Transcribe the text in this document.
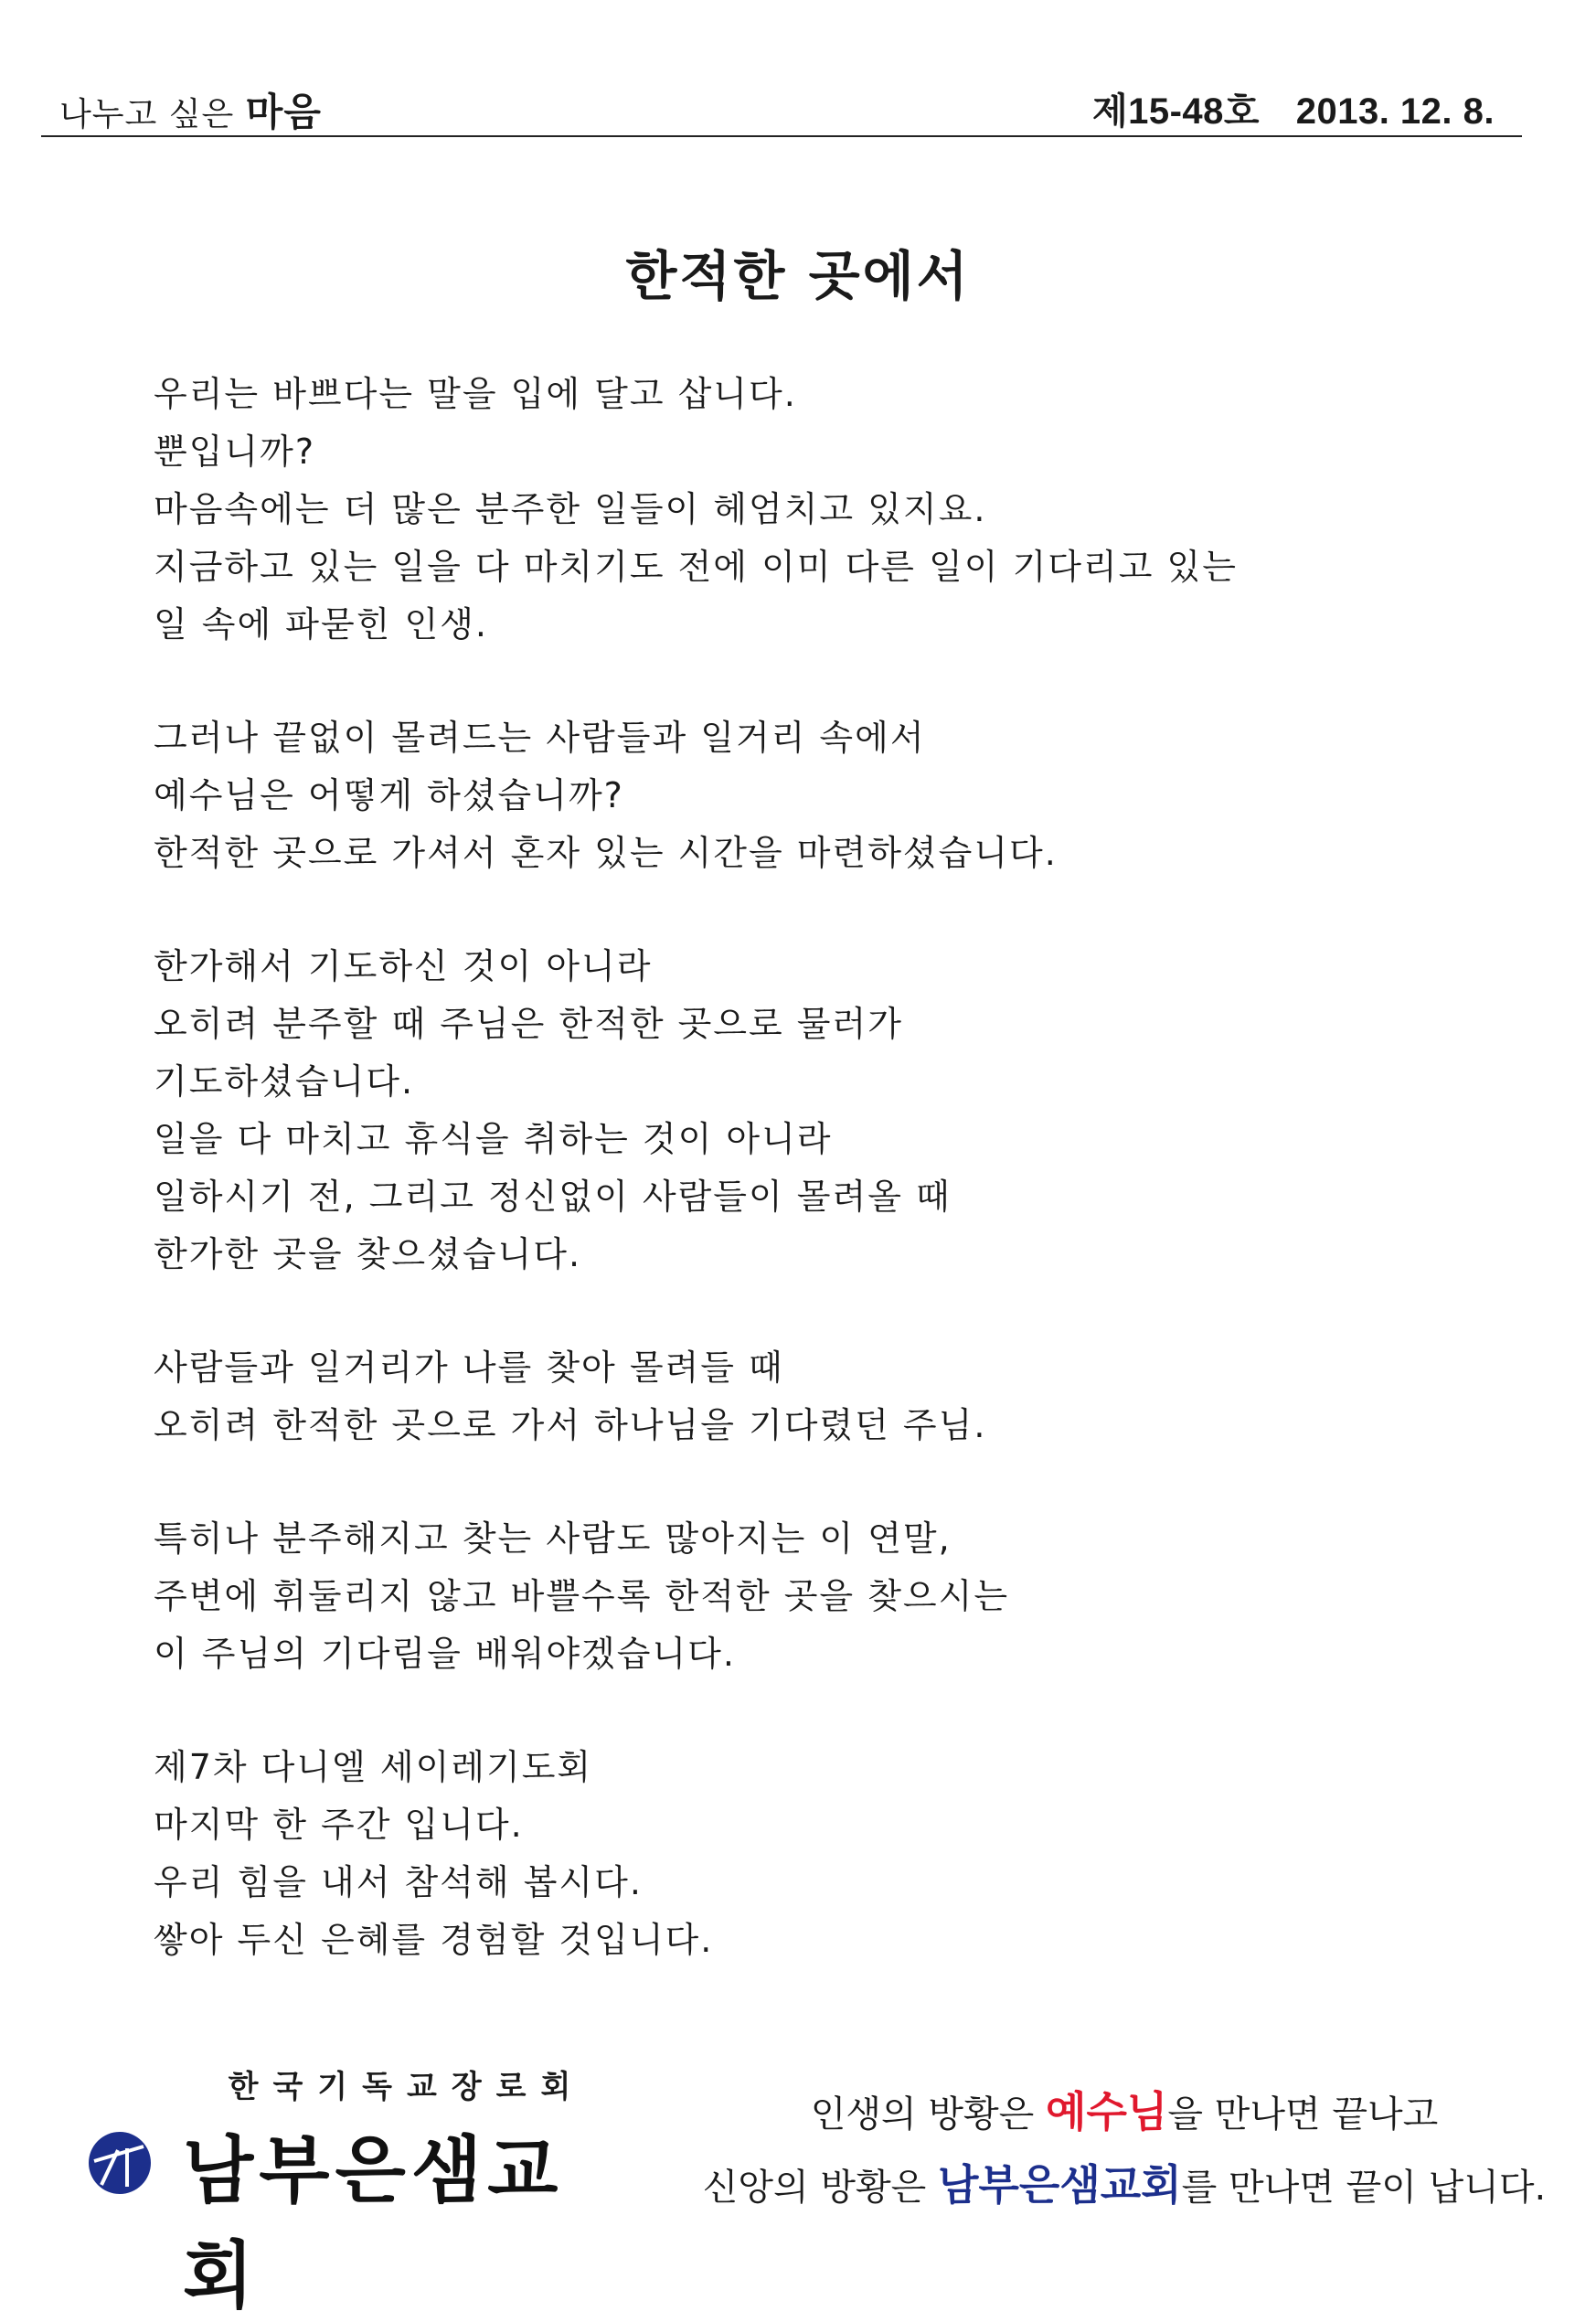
나누고 싶은 마음	제15-48호 2013. 12. 8.
한적한 곳에서
우리는 바쁘다는 말을 입에 달고 삽니다.
뿐입니까?
마음속에는 더 많은 분주한 일들이 헤엄치고 있지요.
지금하고 있는 일을 다 마치기도 전에 이미 다른 일이 기다리고 있는
일 속에 파묻힌 인생.
그러나 끝없이 몰려드는 사람들과 일거리 속에서
예수님은 어떻게 하셨습니까?
한적한 곳으로 가셔서 혼자 있는 시간을 마련하셨습니다.
한가해서 기도하신 것이 아니라
오히려 분주할 때 주님은 한적한 곳으로 물러가
기도하셨습니다.
일을 다 마치고 휴식을 취하는 것이 아니라
일하시기 전, 그리고 정신없이 사람들이 몰려올 때
한가한 곳을 찾으셨습니다.
사람들과 일거리가 나를 찾아 몰려들 때
오히려 한적한 곳으로 가서 하나님을 기다렸던 주님.
특히나 분주해지고 찾는 사람도 많아지는 이 연말,
주변에 휘둘리지 않고 바쁠수록 한적한 곳을 찾으시는
이 주님의 기다림을 배워야겠습니다.
제7차 다니엘 세이레기도회
마지막 한 주간 입니다.
우리 힘을 내서 참석해 봅시다.
쌓아 두신 은혜를 경험할 것입니다.
한국기독교장로회
남부은샘교회
인생의 방황은 예수님을 만나면 끝나고
신앙의 방황은 남부은샘교회를 만나면 끝이 납니다.
